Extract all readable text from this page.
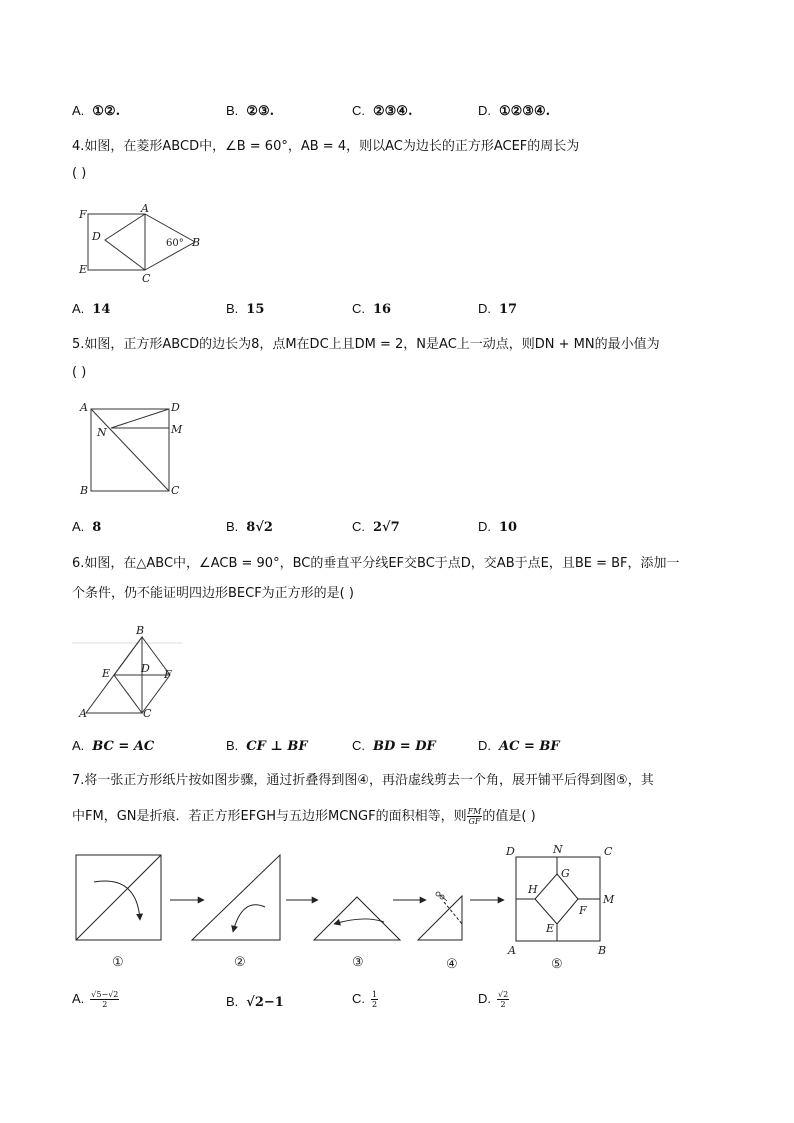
A. ①②.	B. ②③.	C. ②③④.	D. ①②③④.
4.如图，在菱形ABCD中，∠B = 60°，AB = 4，则以AC为边长的正方形ACEF的周长为
( )
F	A
D	B
E
C
60°
A. 14	B. 15	C. 16	D. 17
5.如图，正方形ABCD的边长为8，点M在DC上且DM = 2，N是AC上一动点，则DN + MN的最小值为
( )
A	D
N	M
B	C
A. 8	B. 8√2	C. 2√7	D. 10
6.如图，在△ABC中，∠ACB = 90°，BC的垂直平分线EF交BC于点D，交AB于点E，且BE = BF，添加一
个条件，仍不能证明四边形BECF为正方形的是( )
B
E	D F
A	C
A. BC = AC	B. CF ⊥ BF	C. BD = DF	D. AC = BF
7.将一张正方形纸片按如图步骤，通过折叠得到图④，再沿虚线剪去一个角，展开铺平后得到图⑤，其
中FM，GN是折痕．若正方形EFGH与五边形MCNGF的面积相等，则 $\frac{FM}{GF}$ 的值是( )
①	②	③	④	⑤
D	N	C
H
G
M
F
E
A	B
A. $\frac{√5-√2}{2}$	B. √2−1	C. $\frac{1}{2}$	D. $\frac{√2}{2}$
